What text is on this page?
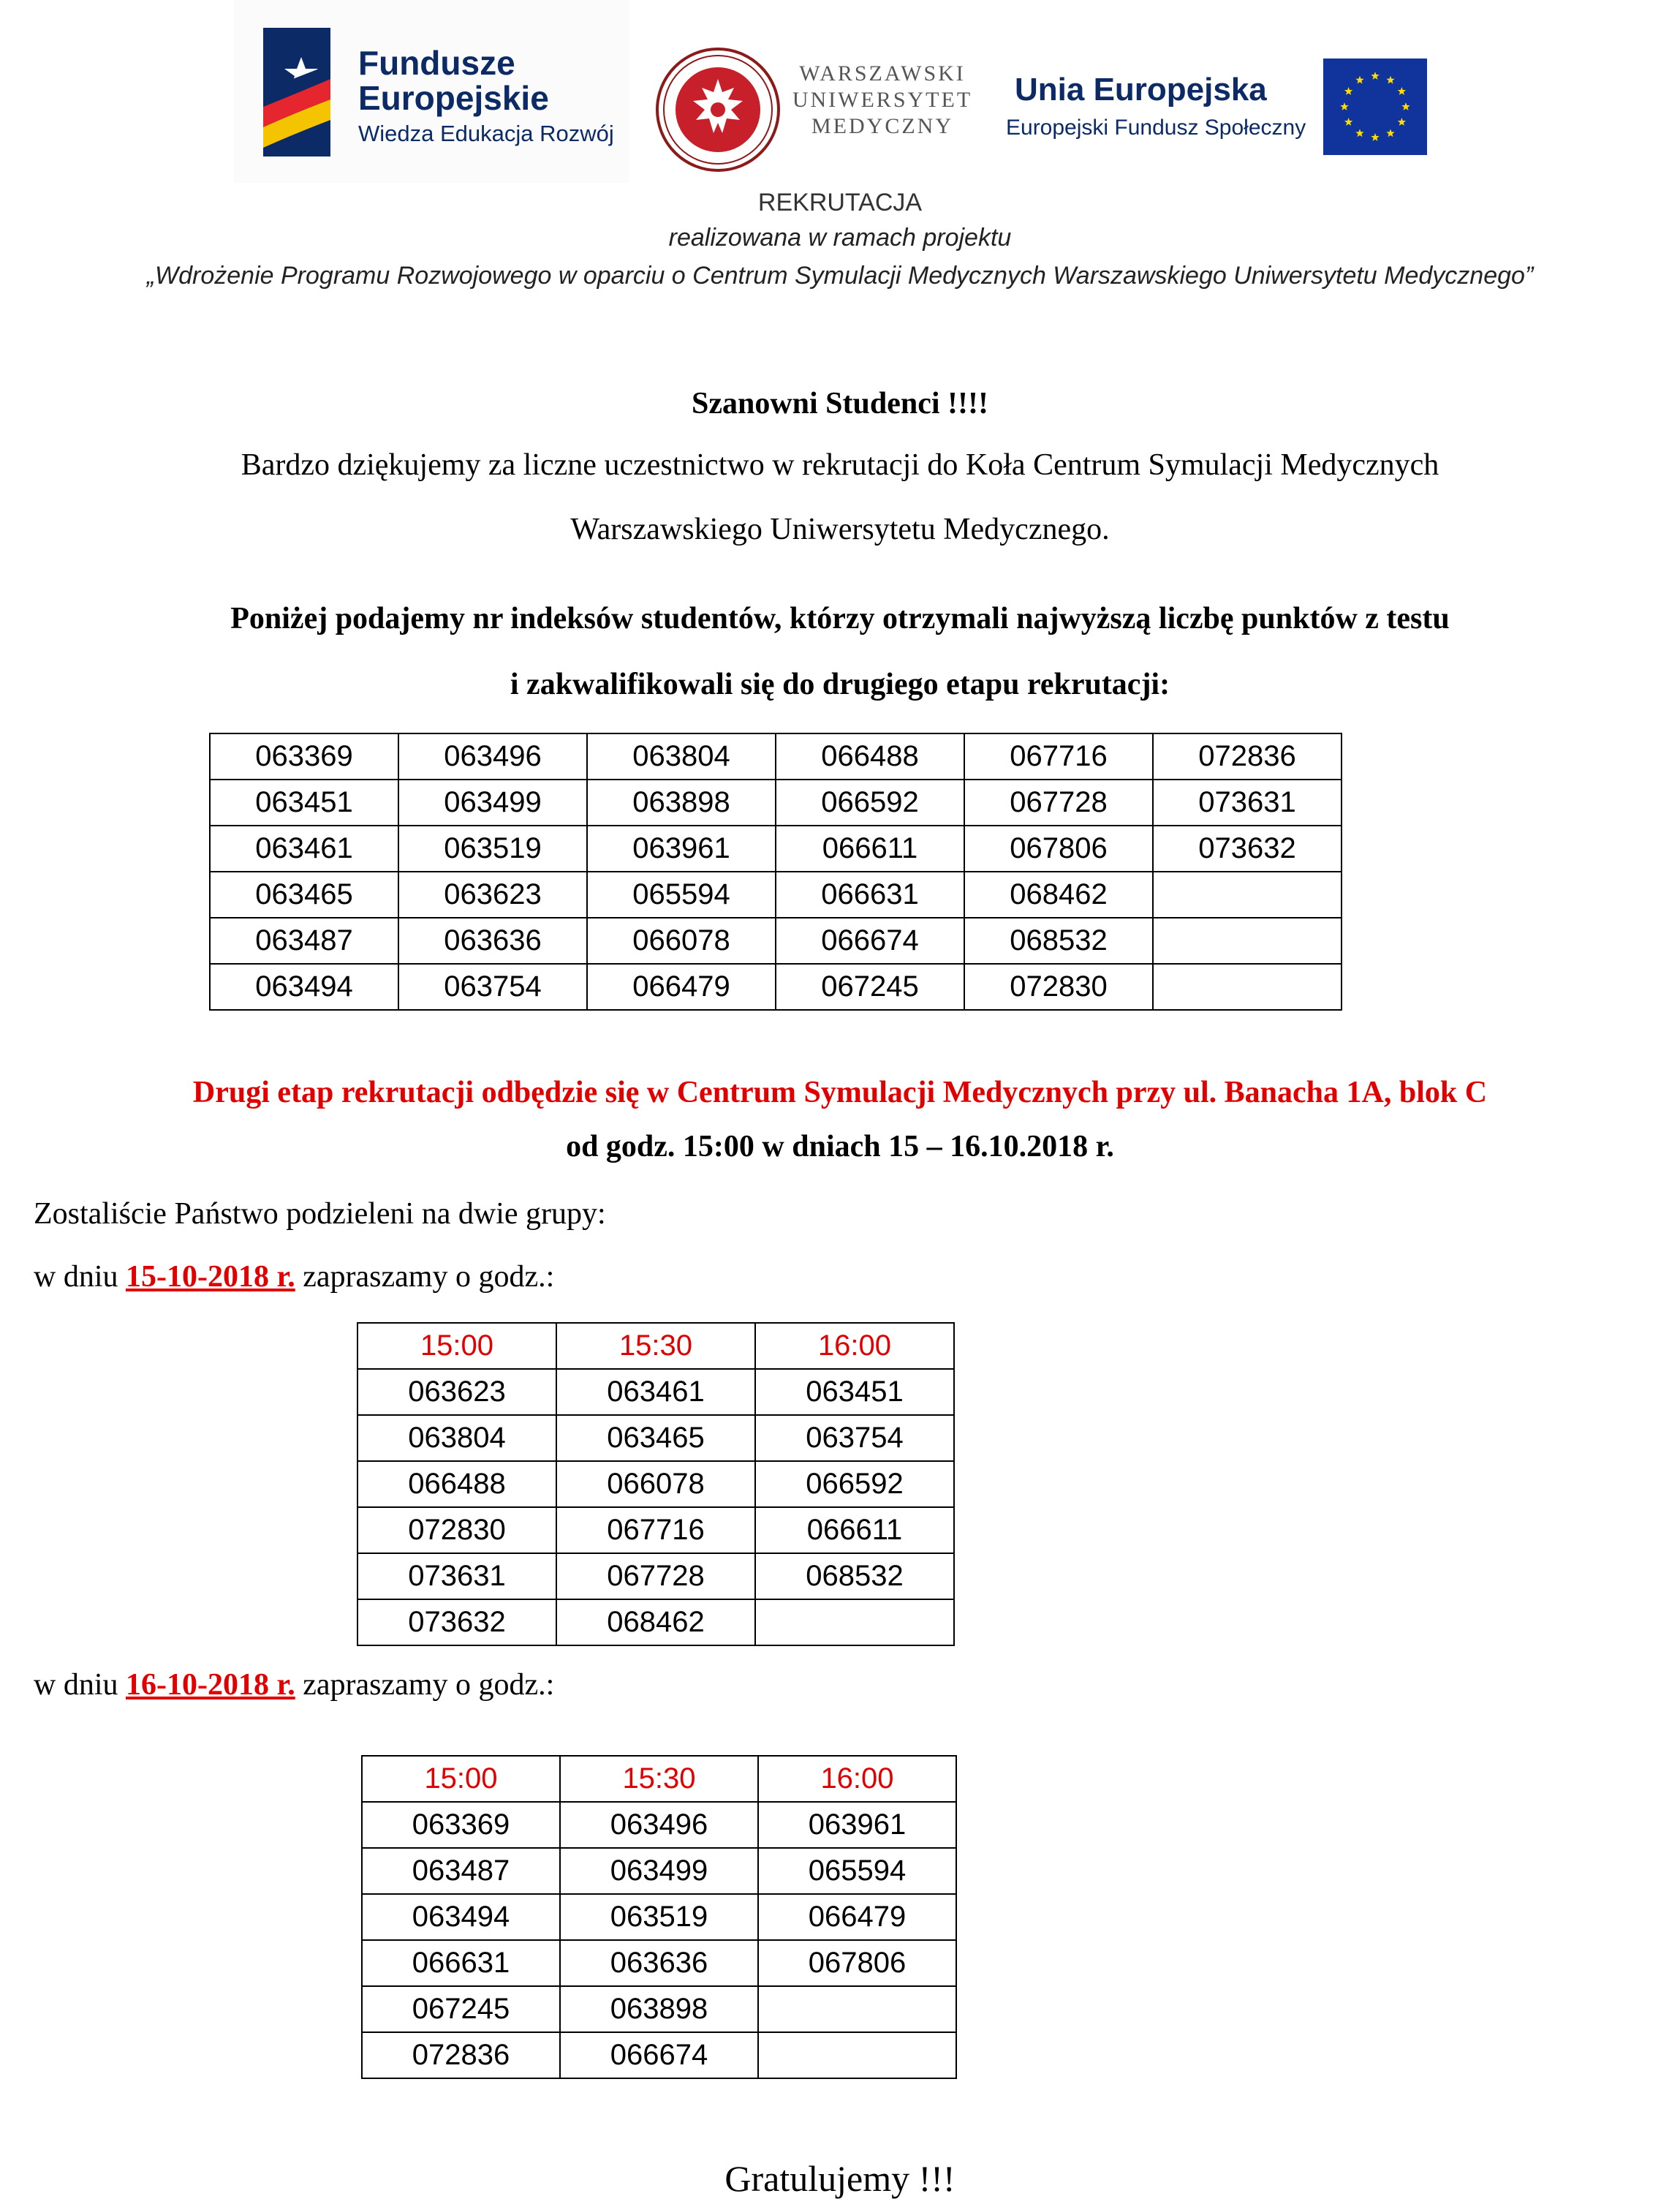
Fundusze
Europejskie
Wiedza Edukacja Rozwój
WARSZAWSKI
UNIWERSYTET
MEDYCZNY
Unia Europejska
Europejski Fundusz Społeczny
REKRUTACJA
realizowana w ramach projektu
„Wdrożenie Programu Rozwojowego w oparciu o Centrum Symulacji Medycznych Warszawskiego Uniwersytetu Medycznego”
Szanowni Studenci !!!!
Bardzo dziękujemy za liczne uczestnictwo w rekrutacji do Koła Centrum Symulacji Medycznych
Warszawskiego Uniwersytetu Medycznego.
Poniżej podajemy nr indeksów studentów, którzy otrzymali najwyższą liczbę punktów z testu
i zakwalifikowali się do drugiego etapu rekrutacji:
063369	063496	063804	066488	067716	072836
063451	063499	063898	066592	067728	073631
063461	063519	063961	066611	067806	073632
063465	063623	065594	066631	068462	
063487	063636	066078	066674	068532	
063494	063754	066479	067245	072830	
Drugi etap rekrutacji odbędzie się w Centrum Symulacji Medycznych przy ul. Banacha 1A, blok C
od godz. 15:00 w dniach 15 – 16.10.2018 r.
Zostaliście Państwo podzieleni na dwie grupy:
w dniu 15-10-2018 r. zapraszamy o godz.:
15:00	15:30	16:00
063623	063461	063451
063804	063465	063754
066488	066078	066592
072830	067716	066611
073631	067728	068532
073632	068462	
w dniu 16-10-2018 r. zapraszamy o godz.:
15:00	15:30	16:00
063369	063496	063961
063487	063499	065594
063494	063519	066479
066631	063636	067806
067245	063898	
072836	066674	
Gratulujemy !!!
